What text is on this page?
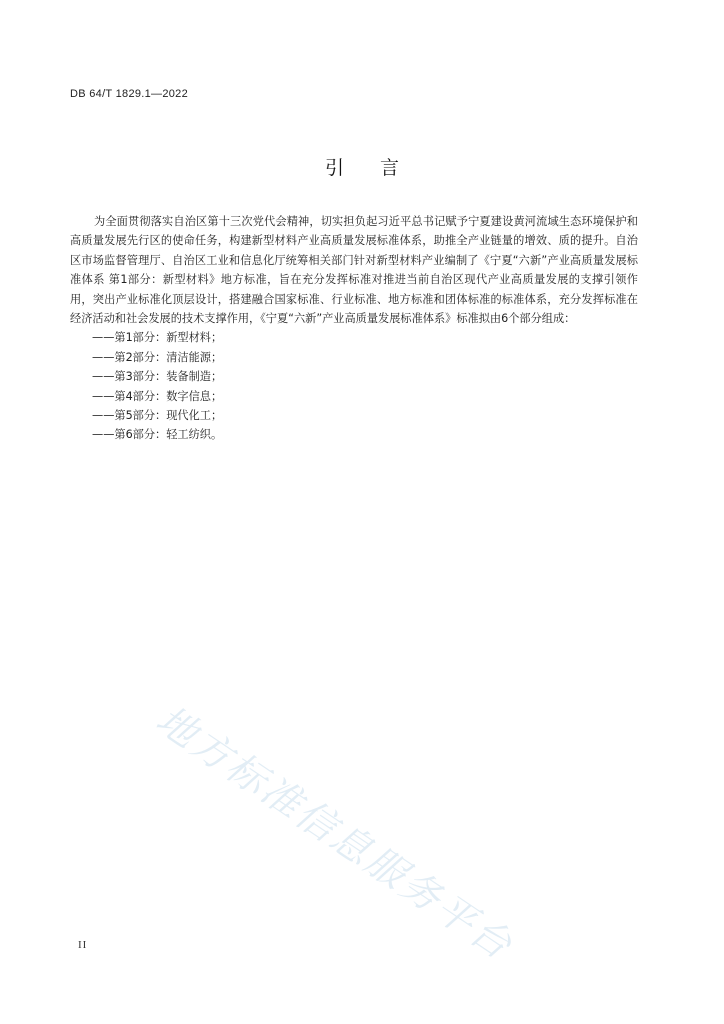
DB 64/T 1829.1—2022
引言

为全面贯彻落实自治区第十三次党代会精神，切实担负起习近平总书记赋予宁夏建设黄河流域生态环境保护和高质量发展先行区的使命任务，构建新型材料产业高质量发展标准体系，助推全产业链量的增效、质的提升。自治区市场监督管理厅、自治区工业和信息化厅统筹相关部门针对新型材料产业编制了《宁夏“六新”产业高质量发展标准体系 第1部分：新型材料》地方标准，旨在充分发挥标准对推进当前自治区现代产业高质量发展的支撑引领作用，突出产业标准化顶层设计，搭建融合国家标准、行业标准、地方标准和团体标准的标准体系，充分发挥标准在经济活动和社会发展的技术支撑作用，《宁夏“六新”产业高质量发展标准体系》标准拟由6个部分组成：

——第1部分：新型材料；
——第2部分：清洁能源；
——第3部分：装备制造；
——第4部分：数字信息；
——第5部分：现代化工；
——第6部分：轻工纺织。
地方标准信息服务平台
II
